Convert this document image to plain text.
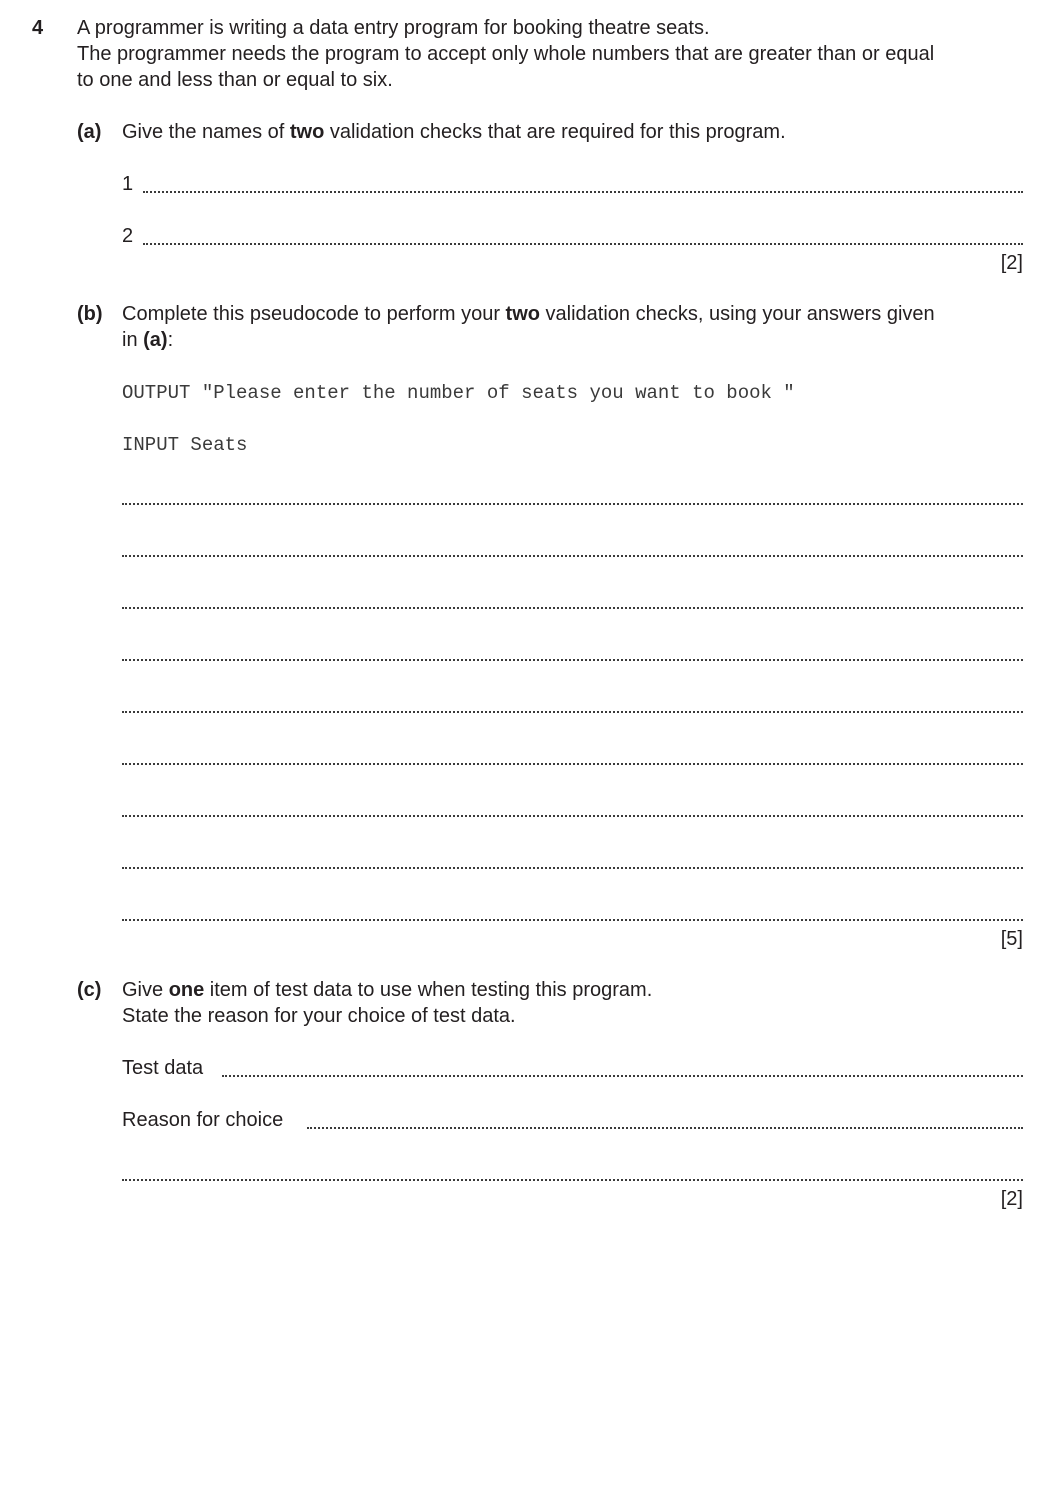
4 A programmer is writing a data entry program for booking theatre seats.
The programmer needs the program to accept only whole numbers that are greater than or equal
to one and less than or equal to six.
(a) Give the names of two validation checks that are required for this program.
1
2
[2]
(b) Complete this pseudocode to perform your two validation checks, using your answers given
in (a):
OUTPUT "Please enter the number of seats you want to book "
INPUT Seats
[5]
(c) Give one item of test data to use when testing this program.
State the reason for your choice of test data.
Test data
Reason for choice
[2]
